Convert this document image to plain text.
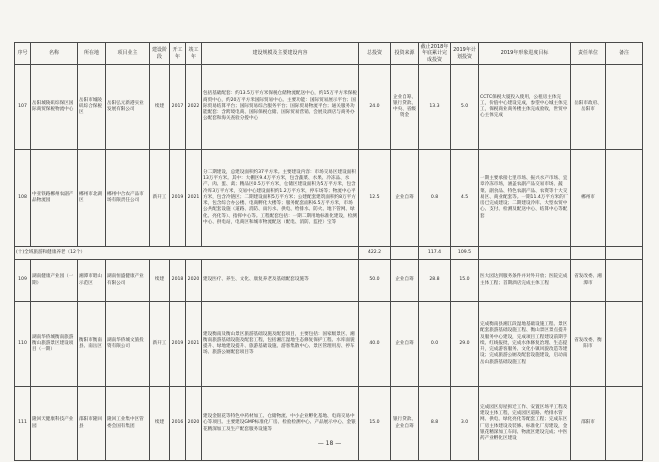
序号	名称	所在地	项目业主	建设阶段	开工年	竣工年	建设规模及主要建设内容	总投资	投资来源	截止2018年年底累计完成投资	2019年计划投资	2019年形象进度目标	责任单位	备注
107	岳阳城陵矶综保区国际商贸保税物流中心	岳阳市城陵矶综合保税区	岳阳弘元新港实业发展有限公司	续建	2017	2022	包括基础配套：约13.5万平方米保税仓储物流配送中心，约15万平方米保税商贸中心，约20万平方米国际贸易中心。主要功能：国际贸易展示平台；国际贸易结算平台；国际贸易综合服务平台；国际贸易物流平台；通关服务功能配套：含跨境电商、国际保税仓储、国际贸易营销、会展及酒店与商务办公配套和海关查验分拨中心	24.0	企业自筹、银行贷款、中央、省级资金	13.3	5.0	CCTC保税大厦投入使用，公租房主体完工，价值中心建设完成，参望中心城主体完工，保税商业商务楼主体完成验收，世贸中心主体完成	岳阳市政府、岳阳市	
108	中亚铁路郴州农副产品物流园	郴州市北湖区	郴州中合农产品市场有限责任公司	新开工	2019	2021	分二期建设，总建设面积约37平方米。主要建设内容：市场交易区建设面积13万平方米。其中：大棚区9.4万平方米，包含蔬菜、水果、冷冻品、水产、肉、蛋、禽；精品区0.5万平方米，仓储区建设面积为5万平方米，包含冷库3万平方米，交易中心建设面积约1.2万平方米，停车场等；物流中心平方米，包含冷链区；二期建设面积5万平方米；公建配套建筑面积约8万平方米，包含综合办公楼、电商孵化大楼等；服务配套面积6.5万平方米，市场公共配套设施（道路、消防、雨污水、供电、给排水、防火、地下管网、绿化、亮化等）、指挥中心等。工程配套包括：一期二期用地标准化建设，检测中心、供电站，电商区和城市物流配送（配电、消防、监控）宝等	12.5	企业自筹	0.8	4.5	一期主要承接七里市场、振兴水产市场、宜章冷冻市场，涵盖农副产品交易市场、蔬菜、副食品、特色农副产品、农资等十大交易区、商业配套等。一期11.4万平方米的厂房已完成建设；二期建设冷库、大型农贸中心、支付、检测及配送中心、结算中心等配套	郴州市	
(十)全域旅游和健康养老（12个）								422.2		117.4	109.5			
109	湖南健康产业园（一期）	湘潭市昭山示范区	湖南恒盛健康产业有限公司	续建	2018	2020	建设医疗、养生、文化、康复养老及基础配套设施等	50.0	企业自筹	28.8	15.0	医大园达到服务条件并对外开放；医院完成主体工程；首期酒店完成主体工程	省发改委、湘潭市	
110	湖南华侨城衡南旅游衡山旅游景区建设项目（一期）	衡阳市衡南县、南岳区	湖南华侨城文旅投资有限公司	新开工	2019	2021	建设衡南及衡山景区旅游基础设施及配套项目，主要包括：国家级景区、湘衡南旅游基础设施及配套工程，包括湘江湿地生态修复保护工程、水库面貌提升、绿地建设提升、旅游基础设施、游客集散中心、景区管理用房、停车场、旅游公厕配套项目等	40.0	企业自筹	0.0	29.0	完成衡南县湘江段湿地基础设施工程、景区配套旅游基础设施工程、衡山景区景点提升及服务中心建设，完成项目工程建设前期手续、红线报批，完成水体修复治理、生态提升，完成游客服务、文化小镇风貌改造等建设；完成旅游公厕及配套设施建设，启动南岳山旅游基础设施工程	省发改委、衡阳市	
111	隆回天健康科技产业园	邵阳市隆回县	隆回工业集中区管委会国有集团	续建	2016	2020	建设金银花等特色中药材加工、仓储物流、中小企业孵化基地、电商交易中心等项目。主要建设GMP标准化厂房、检验检测中心、产品展示中心、金银花精深加工及生产配套服务设施等	15.0	银行贷款、企业自筹	8.8	3.0	完成园区房屋拆迁工作、安置区场平工程及建设主体工程，完成园区道路、给排水管网、供电、绿化亮化等配套工程；完成东区厂房主体建设及装修、标准化厂房建设，金银花精深加工车间、物流区建设完成；中医药产业孵化区建设	邵阳市	
— 18 —
